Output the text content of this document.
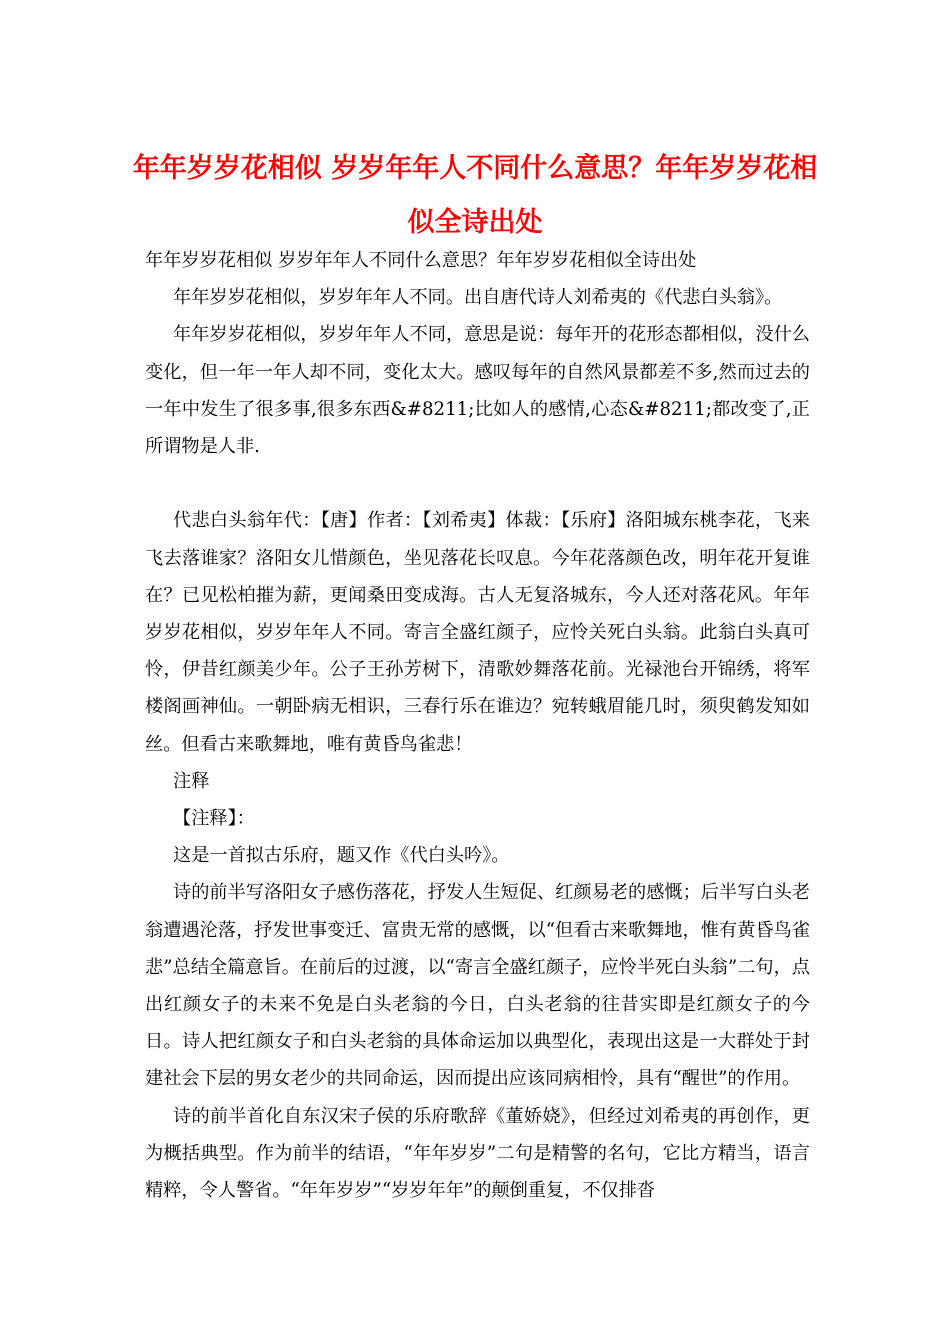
年年岁岁花相似 岁岁年年人不同什么意思？年年岁岁花相
似全诗出处

年年岁岁花相似 岁岁年年人不同什么意思？年年岁岁花相似全诗出处

年年岁岁花相似，岁岁年年人不同。出自唐代诗人刘希夷的《代悲白头翁》。

年年岁岁花相似，岁岁年年人不同，意思是说：每年开的花形态都相似，没什么变化，但一年一年人却不同，变化太大。感叹每年的自然风景都差不多,然而过去的一年中发生了很多事,很多东西&#8211;比如人的感情,心态&#8211;都改变了,正所谓物是人非.

代悲白头翁年代：【唐】作者：【刘希夷】体裁：【乐府】洛阳城东桃李花，飞来飞去落谁家？洛阳女儿惜颜色，坐见落花长叹息。今年花落颜色改，明年花开复谁在？已见松柏摧为薪，更闻桑田变成海。古人无复洛城东，今人还对落花风。年年岁岁花相似，岁岁年年人不同。寄言全盛红颜子，应怜关死白头翁。此翁白头真可怜，伊昔红颜美少年。公子王孙芳树下，清歌妙舞落花前。光禄池台开锦绣，将军楼阁画神仙。一朝卧病无相识，三春行乐在谁边？宛转蛾眉能几时，须臾鹤发知如丝。但看古来歌舞地，唯有黄昏鸟雀悲！

注释

【注释】：

这是一首拟古乐府，题又作《代白头吟》。

诗的前半写洛阳女子感伤落花，抒发人生短促、红颜易老的感慨；后半写白头老翁遭遇沦落，抒发世事变迁、富贵无常的感慨，以“但看古来歌舞地，惟有黄昏鸟雀悲”总结全篇意旨。在前后的过渡，以“寄言全盛红颜子，应怜半死白头翁”二句，点出红颜女子的未来不免是白头老翁的今日，白头老翁的往昔实即是红颜女子的今日。诗人把红颜女子和白头老翁的具体命运加以典型化，表现出这是一大群处于封建社会下层的男女老少的共同命运，因而提出应该同病相怜，具有“醒世”的作用。

诗的前半首化自东汉宋子侯的乐府歌辞《董娇娆》，但经过刘希夷的再创作，更为概括典型。作为前半的结语，“年年岁岁”二句是精警的名句，它比方精当，语言精粹，令人警省。“年年岁岁”“岁岁年年”的颠倒重复，不仅排沓
